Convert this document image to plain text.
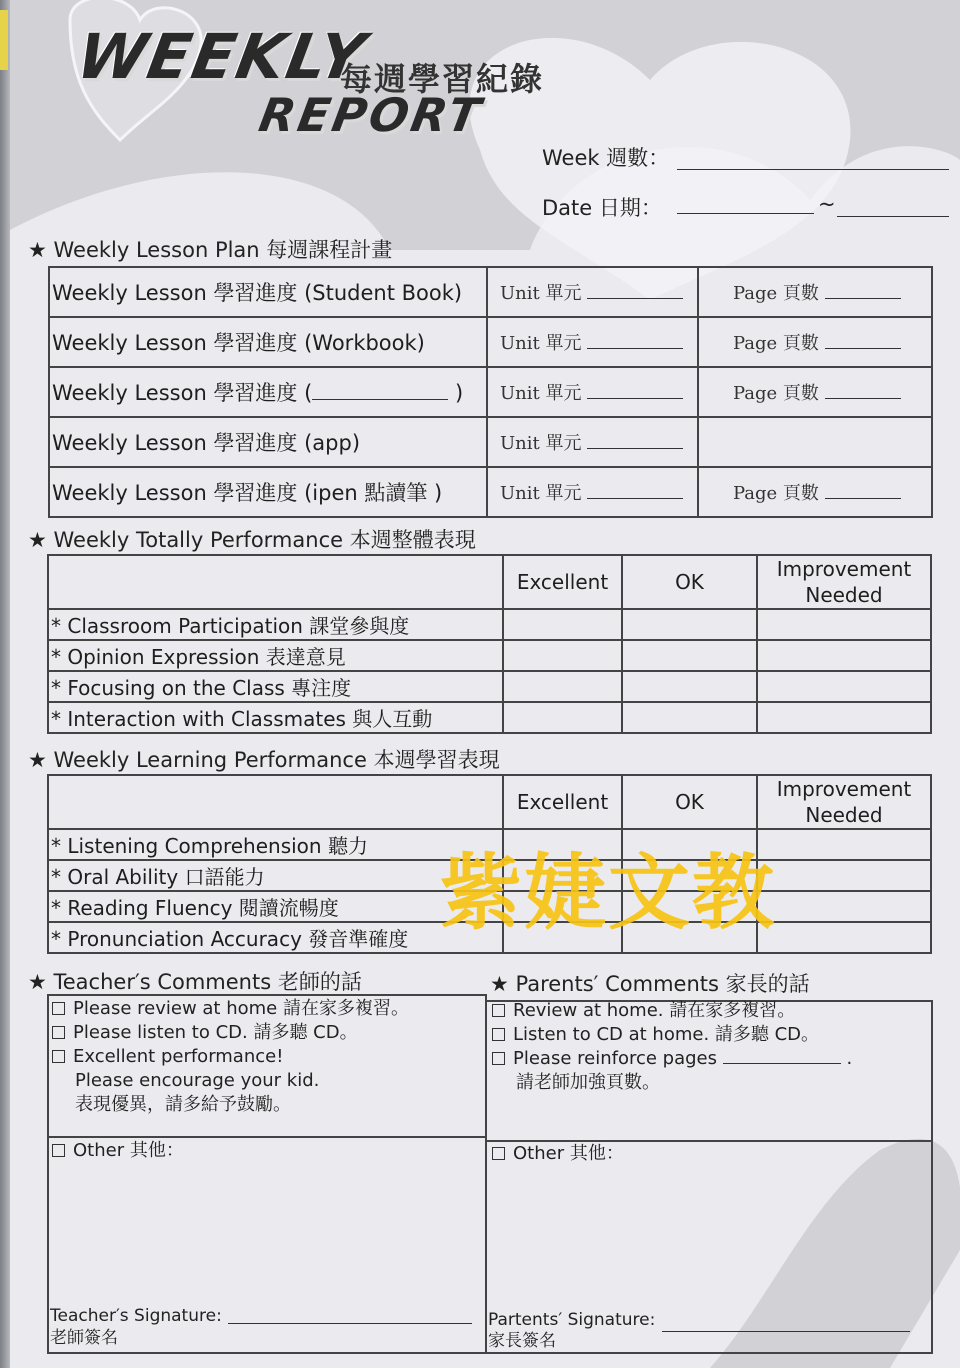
WEEKLY
REPORT
每週學習紀錄
Week 週數：
Date 日期：	~
★ Weekly Lesson Plan 每週課程計畫
Weekly Lesson 學習進度 (Student Book)	Unit 單元	Page 頁數
Weekly Lesson 學習進度 (Workbook)	Unit 單元	Page 頁數
Weekly Lesson 學習進度 ( )	Unit 單元	Page 頁數
Weekly Lesson 學習進度 (app)	Unit 單元	
Weekly Lesson 學習進度 (ipen 點讀筆 )	Unit 單元	Page 頁數
★ Weekly Totally Performance 本週整體表現
	Excellent	OK	Improvement
Needed
* Classroom Participation 課堂參與度			
* Opinion Expression 表達意見			
* Focusing on the Class 專注度			
* Interaction with Classmates 與人互動			
★ Weekly Learning Performance 本週學習表現
	Excellent	OK	Improvement
Needed
* Listening Comprehension 聽力			
* Oral Ability 口語能力			
* Reading Fluency 閱讀流暢度			
* Pronunciation Accuracy 發音準確度			紫婕文教
★ Teacher′s Comments 老師的話	★ Parents′ Comments 家長的話
Please review at home 請在家多複習。
Please listen to CD. 請多聽 CD。
Excellent performance!
Please encourage your kid.
表現優異，請多給予鼓勵。
Other 其他：
Teacher′s Signature:
老師簽名
Review at home. 請在家多複習。
Listen to CD at home. 請多聽 CD。
Please reinforce pages	.
請老師加強頁數。
Other 其他：
Partents′ Signature:
家長簽名
